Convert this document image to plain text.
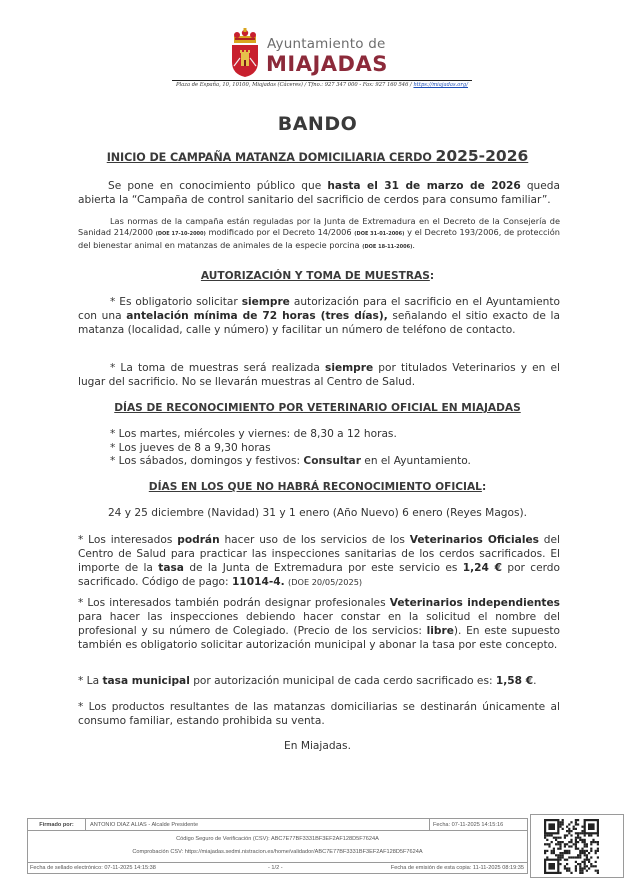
Ayuntamiento de
MIAJADAS
Plaza de España, 10, 10100, Miajadas (Cáceres) / Tfno.: 927 347 000 - Fax: 927 160 546 / https://miajadas.org/
BANDO
INICIO DE CAMPAÑA MATANZA DOMICILIARIA CERDO 2025-2026
Se pone en conocimiento público que hasta el 31 de marzo de 2026 queda abierta la “Campaña de control sanitario del sacrificio de cerdos para consumo familiar”.
Las normas de la campaña están reguladas por la Junta de Extremadura en el Decreto de la Consejería de Sanidad 214/2000 (DOE 17-10-2000) modificado por el Decreto 14/2006 (DOE 31-01-2006) y el Decreto 193/2006, de protección del bienestar animal en matanzas de animales de la especie porcina (DOE 18-11-2006).
AUTORIZACIÓN Y TOMA DE MUESTRAS:
* Es obligatorio solicitar siempre autorización para el sacrificio en el Ayuntamiento con una antelación mínima de 72 horas (tres días), señalando el sitio exacto de la matanza (localidad, calle y número) y facilitar un número de teléfono de contacto.
* La toma de muestras será realizada siempre por titulados Veterinarios y en el lugar del sacrificio. No se llevarán muestras al Centro de Salud.
DÍAS DE RECONOCIMIENTO POR VETERINARIO OFICIAL EN MIAJADAS
* Los martes, miércoles y viernes: de 8,30 a 12 horas.
* Los jueves de 8 a 9,30 horas
* Los sábados, domingos y festivos: Consultar en el Ayuntamiento.
DÍAS EN LOS QUE NO HABRÁ RECONOCIMIENTO OFICIAL:
24 y 25 diciembre (Navidad) 31 y 1 enero (Año Nuevo) 6 enero (Reyes Magos).
* Los interesados podrán hacer uso de los servicios de los Veterinarios Oficiales del Centro de Salud para practicar las inspecciones sanitarias de los cerdos sacrificados. El importe de la tasa de la Junta de Extremadura por este servicio es 1,24 € por cerdo sacrificado. Código de pago: 11014-4. (DOE 20/05/2025)
* Los interesados también podrán designar profesionales Veterinarios independientes para hacer las inspecciones debiendo hacer constar en la solicitud el nombre del profesional y su número de Colegiado. (Precio de los servicios: libre). En este supuesto también es obligatorio solicitar autorización municipal y abonar la tasa por este concepto.
* La tasa municipal por autorización municipal de cada cerdo sacrificado es: 1,58 €.
* Los productos resultantes de las matanzas domiciliarias se destinarán únicamente al consumo familiar, estando prohibida su venta.
En Miajadas.
Firmado por:	ANTONIO DIAZ ALIAS - Alcalde Presidente	Fecha: 07-11-2025 14:15:16
Código Seguro de Verificación (CSV): ABC7E77BF3331BF3EF2AF128D5F7624A
Comprobación CSV: https://miajadas.sedmi.nistracion.es/home/validador/ABC7E77BF3331BF3EF2AF128D5F7624A
Fecha de sellado electrónico: 07-11-2025 14:15:38	- 1/2 -	Fecha de emisión de esta copia: 11-11-2025 08:19:35
